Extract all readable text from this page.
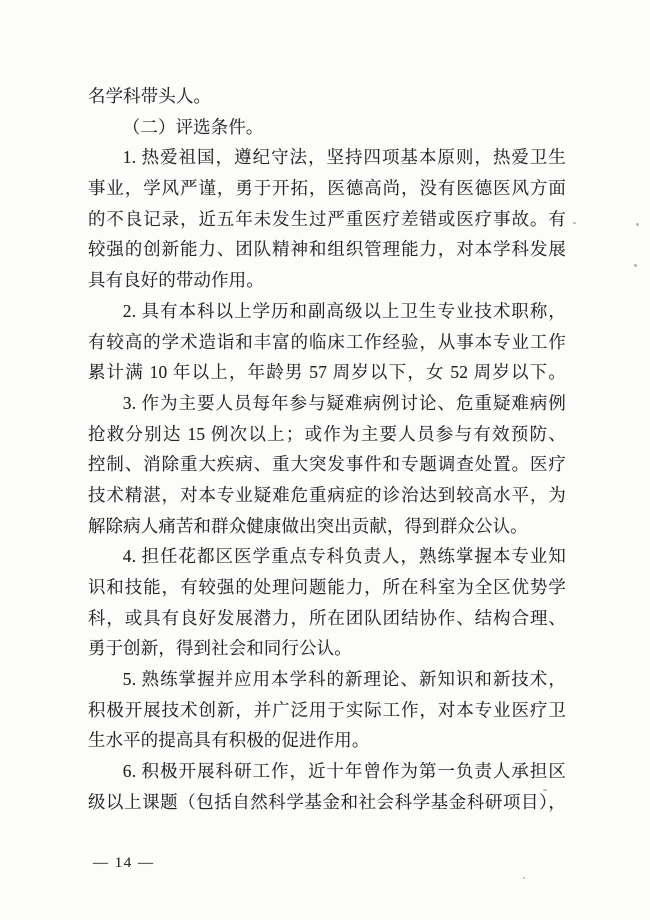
名学科带头人。
（二）评选条件。
1. 热爱祖国，遵纪守法，坚持四项基本原则，热爱卫生
事业，学风严谨，勇于开拓，医德高尚，没有医德医风方面
的不良记录，近五年未发生过严重医疗差错或医疗事故。有
较强的创新能力、团队精神和组织管理能力，对本学科发展
具有良好的带动作用。
2. 具有本科以上学历和副高级以上卫生专业技术职称，
有较高的学术造诣和丰富的临床工作经验，从事本专业工作
累计满 10 年以上，年龄男 57 周岁以下，女 52 周岁以下。
3. 作为主要人员每年参与疑难病例讨论、危重疑难病例
抢救分别达 15 例次以上；或作为主要人员参与有效预防、
控制、消除重大疾病、重大突发事件和专题调查处置。医疗
技术精湛，对本专业疑难危重病症的诊治达到较高水平，为
解除病人痛苦和群众健康做出突出贡献，得到群众公认。
4. 担任花都区医学重点专科负责人，熟练掌握本专业知
识和技能，有较强的处理问题能力，所在科室为全区优势学
科，或具有良好发展潜力，所在团队团结协作、结构合理、
勇于创新，得到社会和同行公认。
5. 熟练掌握并应用本学科的新理论、新知识和新技术，
积极开展技术创新，并广泛用于实际工作，对本专业医疗卫
生水平的提高具有积极的促进作用。
6. 积极开展科研工作，近十年曾作为第一负责人承担区
级以上课题（包括自然科学基金和社会科学基金科研项目），
— 14 —
